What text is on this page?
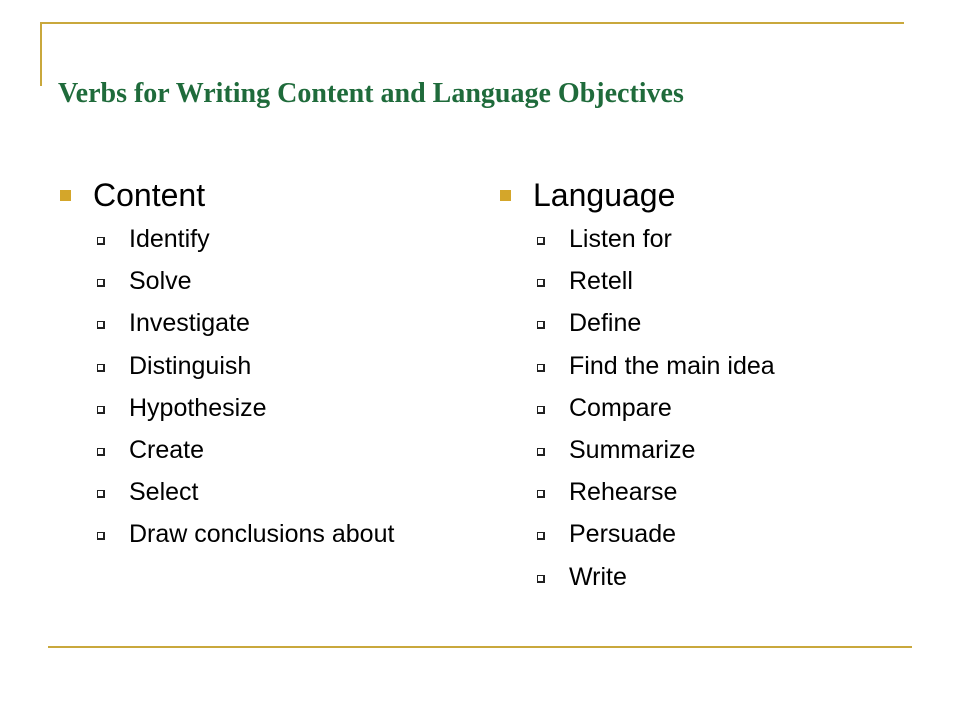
Verbs for Writing Content and Language Objectives
Content
Identify
Solve
Investigate
Distinguish
Hypothesize
Create
Select
Draw conclusions about
Language
Listen for
Retell
Define
Find the main idea
Compare
Summarize
Rehearse
Persuade
Write
